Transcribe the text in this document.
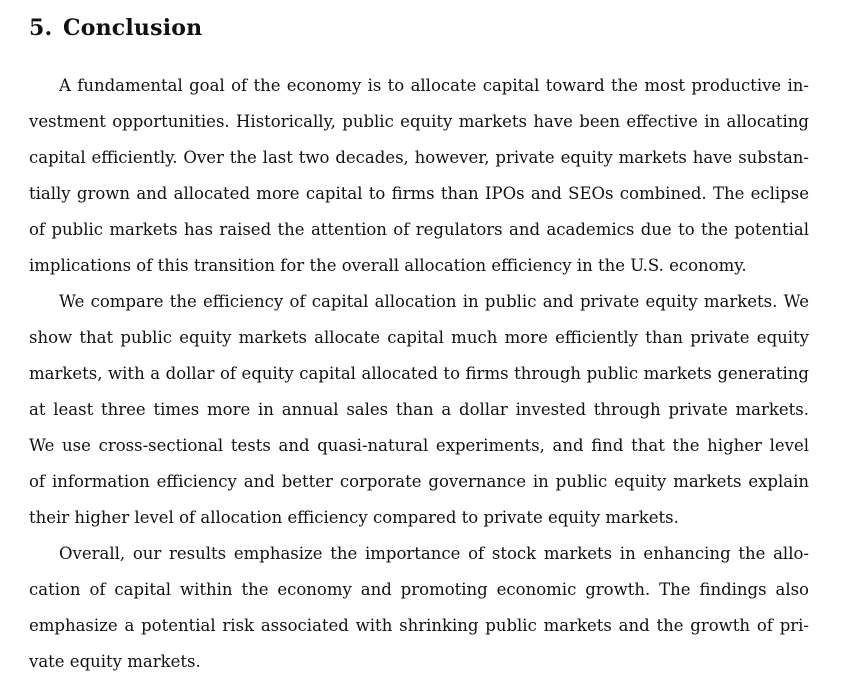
5. Conclusion
A fundamental goal of the economy is to allocate capital toward the most productive in-
vestment opportunities. Historically, public equity markets have been effective in allocating
capital efficiently. Over the last two decades, however, private equity markets have substan-
tially grown and allocated more capital to firms than IPOs and SEOs combined. The eclipse
of public markets has raised the attention of regulators and academics due to the potential
implications of this transition for the overall allocation efficiency in the U.S. economy.
We compare the efficiency of capital allocation in public and private equity markets. We
show that public equity markets allocate capital much more efficiently than private equity
markets, with a dollar of equity capital allocated to firms through public markets generating
at least three times more in annual sales than a dollar invested through private markets.
We use cross-sectional tests and quasi-natural experiments, and find that the higher level
of information efficiency and better corporate governance in public equity markets explain
their higher level of allocation efficiency compared to private equity markets.
Overall, our results emphasize the importance of stock markets in enhancing the allo-
cation of capital within the economy and promoting economic growth. The findings also
emphasize a potential risk associated with shrinking public markets and the growth of pri-
vate equity markets.
